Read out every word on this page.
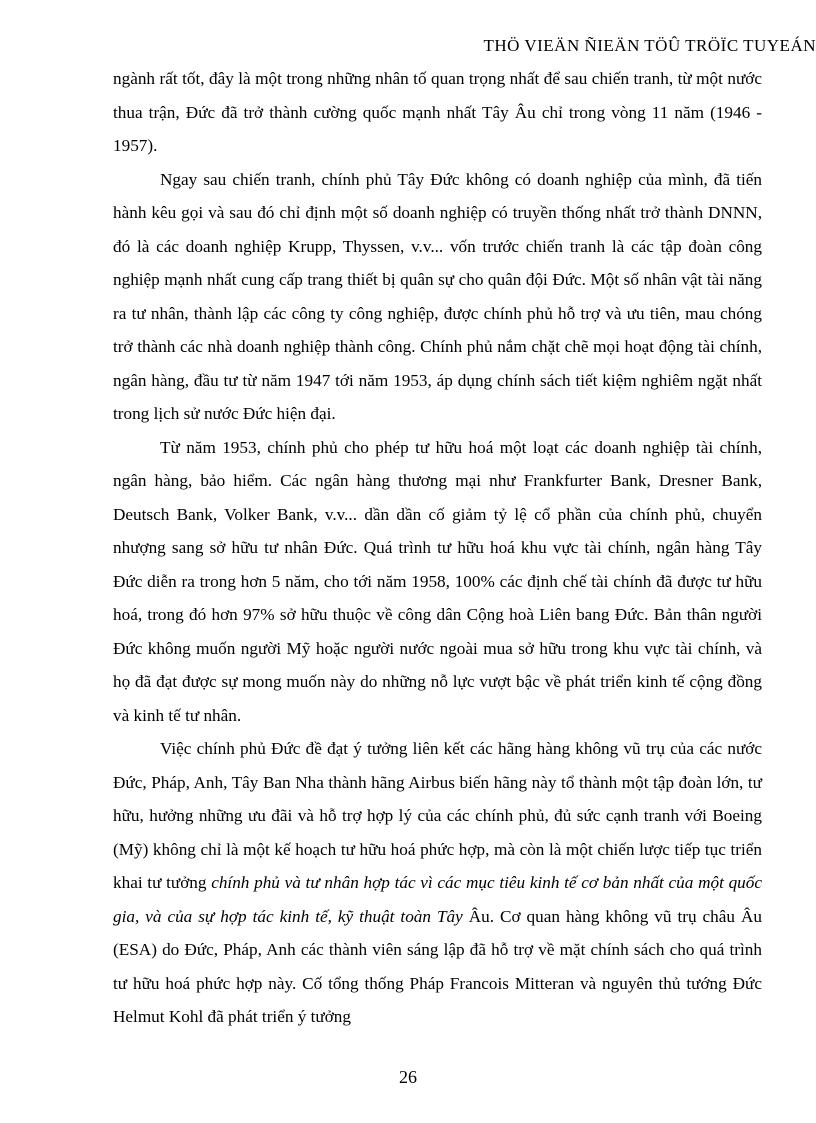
THÖ VIEÄN ÑIEÄN TÖÛ TRÖÏC TUYEÁN

ngành rất tốt, đây là một trong những nhân tố quan trọng nhất để sau chiến tranh, từ một nước thua trận, Đức đã trở thành cường quốc mạnh nhất Tây Âu chỉ trong vòng 11 năm (1946 - 1957).

Ngay sau chiến tranh, chính phủ Tây Đức không có doanh nghiệp của mình, đã tiến hành kêu gọi và sau đó chỉ định một số doanh nghiệp có truyền thống nhất trở thành DNNN, đó là các doanh nghiệp Krupp, Thyssen, v.v... vốn trước chiến tranh là các tập đoàn công nghiệp mạnh nhất cung cấp trang thiết bị quân sự cho quân đội Đức. Một số nhân vật tài năng ra tư nhân, thành lập các công ty công nghiệp, được chính phủ hỗ trợ và ưu tiên, mau chóng trở thành các nhà doanh nghiệp thành công. Chính phủ nắm chặt chẽ mọi hoạt động tài chính, ngân hàng, đầu tư từ năm 1947 tới năm 1953, áp dụng chính sách tiết kiệm nghiêm ngặt nhất trong lịch sử nước Đức hiện đại.

Từ năm 1953, chính phủ cho phép tư hữu hoá một loạt các doanh nghiệp tài chính, ngân hàng, bảo hiểm. Các ngân hàng thương mại như Frankfurter Bank, Dresner Bank, Deutsch Bank, Volker Bank, v.v... dần dần cố giảm tỷ lệ cổ phần của chính phủ, chuyển nhượng sang sở hữu tư nhân Đức. Quá trình tư hữu hoá khu vực tài chính, ngân hàng Tây Đức diễn ra trong hơn 5 năm, cho tới năm 1958, 100% các định chế tài chính đã được tư hữu hoá, trong đó hơn 97% sở hữu thuộc về công dân Cộng hoà Liên bang Đức. Bản thân người Đức không muốn người Mỹ hoặc người nước ngoài mua sở hữu trong khu vực tài chính, và họ đã đạt được sự mong muốn này do những nỗ lực vượt bậc về phát triển kinh tế cộng đồng và kinh tế tư nhân.

Việc chính phủ Đức đề đạt ý tưởng liên kết các hãng hàng không vũ trụ của các nước Đức, Pháp, Anh, Tây Ban Nha thành hãng Airbus biến hãng này tổ thành một tập đoàn lớn, tư hữu, hưởng những ưu đãi và hỗ trợ hợp lý của các chính phủ, đủ sức cạnh tranh với Boeing (Mỹ) không chỉ là một kế hoạch tư hữu hoá phức hợp, mà còn là một chiến lược tiếp tục triển khai tư tưởng chính phủ và tư nhân hợp tác vì các mục tiêu kinh tế cơ bản nhất của một quốc gia, và của sự hợp tác kinh tế, kỹ thuật toàn Tây Âu. Cơ quan hàng không vũ trụ châu Âu (ESA) do Đức, Pháp, Anh các thành viên sáng lập đã hỗ trợ về mặt chính sách cho quá trình tư hữu hoá phức hợp này. Cố tổng thống Pháp Francois Mitteran và nguyên thủ tướng Đức Helmut Kohl đã phát triển ý tưởng

26
